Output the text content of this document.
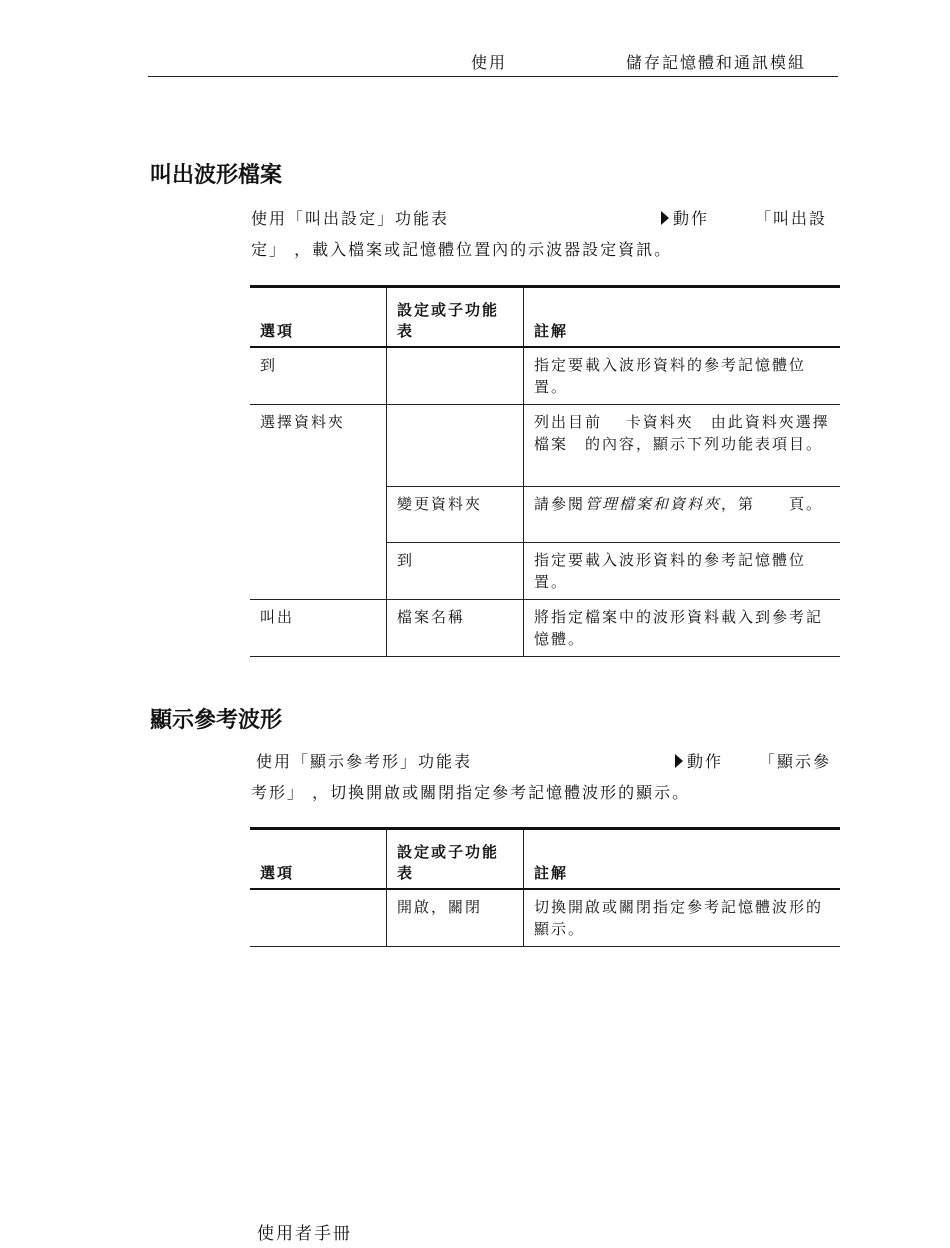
使用	儲存記憶體和通訊模組
叫出波形檔案
使用「叫出設定」功能表	動作	「叫出設
定」 ，載入檔案或記憶體位置內的示波器設定資訊。
選項	設定或子功能表	註解
到		指定要載入波形資料的參考記憶體位置。
選擇資料夾		列出目前　 卡資料夾　由此資料夾選擇檔案　的內容，顯示下列功能表項目。
	變更資料夾	請參閱管理檔案和資料夾，第　　頁。
	到	指定要載入波形資料的參考記憶體位置。
叫出	檔案名稱	將指定檔案中的波形資料載入到參考記憶體。
顯示參考波形
使用「顯示參考形」功能表	動作 「顯示參
考形」 ，切換開啟或關閉指定參考記憶體波形的顯示。
選項	設定或子功能表	註解
	開啟，關閉	切換開啟或關閉指定參考記憶體波形的顯示。
使用者手冊
